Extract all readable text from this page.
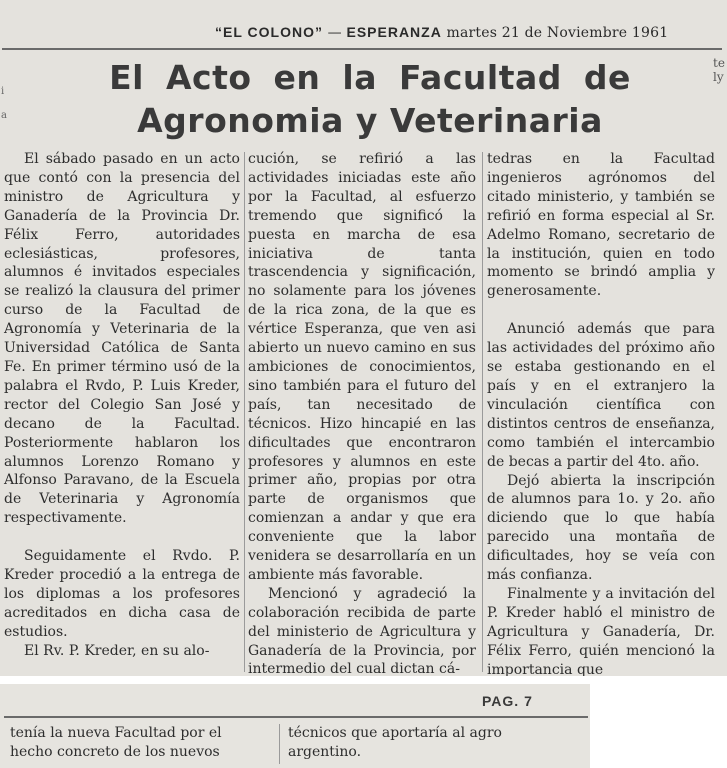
“EL COLONO” — ESPERANZA martes 21 de Noviembre 1961
te
ly
i
a
El Acto en la Facultad de
Agronomia y Veterinaria

El sábado pasado en un acto que contó con la presencia del ministro de Agricultura y Ganadería de la Provincia Dr. Félix Ferro, autoridades eclesiásticas, profesores, alumnos é invitados especiales se realizó la clausura del primer curso de la Facultad de Agronomía y Veterinaria de la Universidad Católica de Santa Fe. En primer término usó de la palabra el Rvdo, P. Luis Kreder, rector del Colegio San José y decano de la Facultad. Posteriormente hablaron los alumnos Lorenzo Romano y Alfonso Paravano, de la Escuela de Veterinaria y Agronomía respectivamente.

Seguidamente el Rvdo. P. Kreder procedió a la entrega de los diplomas a los profesores acreditados en dicha casa de estudios.

El Rv. P. Kreder, en su alo-

cución, se refirió a las actividades iniciadas este año por la Facultad, al esfuerzo tremendo que significó la puesta en marcha de esa iniciativa de tanta trascendencia y significación, no solamente para los jóvenes de la rica zona, de la que es vértice Esperanza, que ven asi abierto un nuevo camino en sus ambiciones de conocimientos, sino también para el futuro del país, tan necesitado de técnicos. Hizo hincapié en las dificultades que encontraron profesores y alumnos en este primer año, propias por otra parte de organismos que comienzan a andar y que era conveniente que la labor venidera se desarrollaría en un ambiente más favorable.

Mencionó y agradeció la colaboración recibida de parte del ministerio de Agricultura y Ganadería de la Provincia, por intermedio del cual dictan cá-

tedras en la Facultad ingenieros agrónomos del citado ministerio, y también se refirió en forma especial al Sr. Adelmo Romano, secretario de la institución, quien en todo momento se brindó amplia y generosamente.

Anunció además que para las actividades del próximo año se estaba gestionando en el país y en el extranjero la vinculación científica con distintos centros de enseñanza, como también el intercambio de becas a partir del 4to. año.

Dejó abierta la inscripción de alumnos para 1o. y 2o. año diciendo que lo que había parecido una montaña de dificultades, hoy se veía con más confianza.

Finalmente y a invitación del P. Kreder habló el ministro de Agricultura y Ganadería, Dr. Félix Ferro, quién mencionó la importancia que

PAG. 7
tenía la nueva Facultad por el
hecho concreto de los nuevos
técnicos que aportaría al agro
argentino.
